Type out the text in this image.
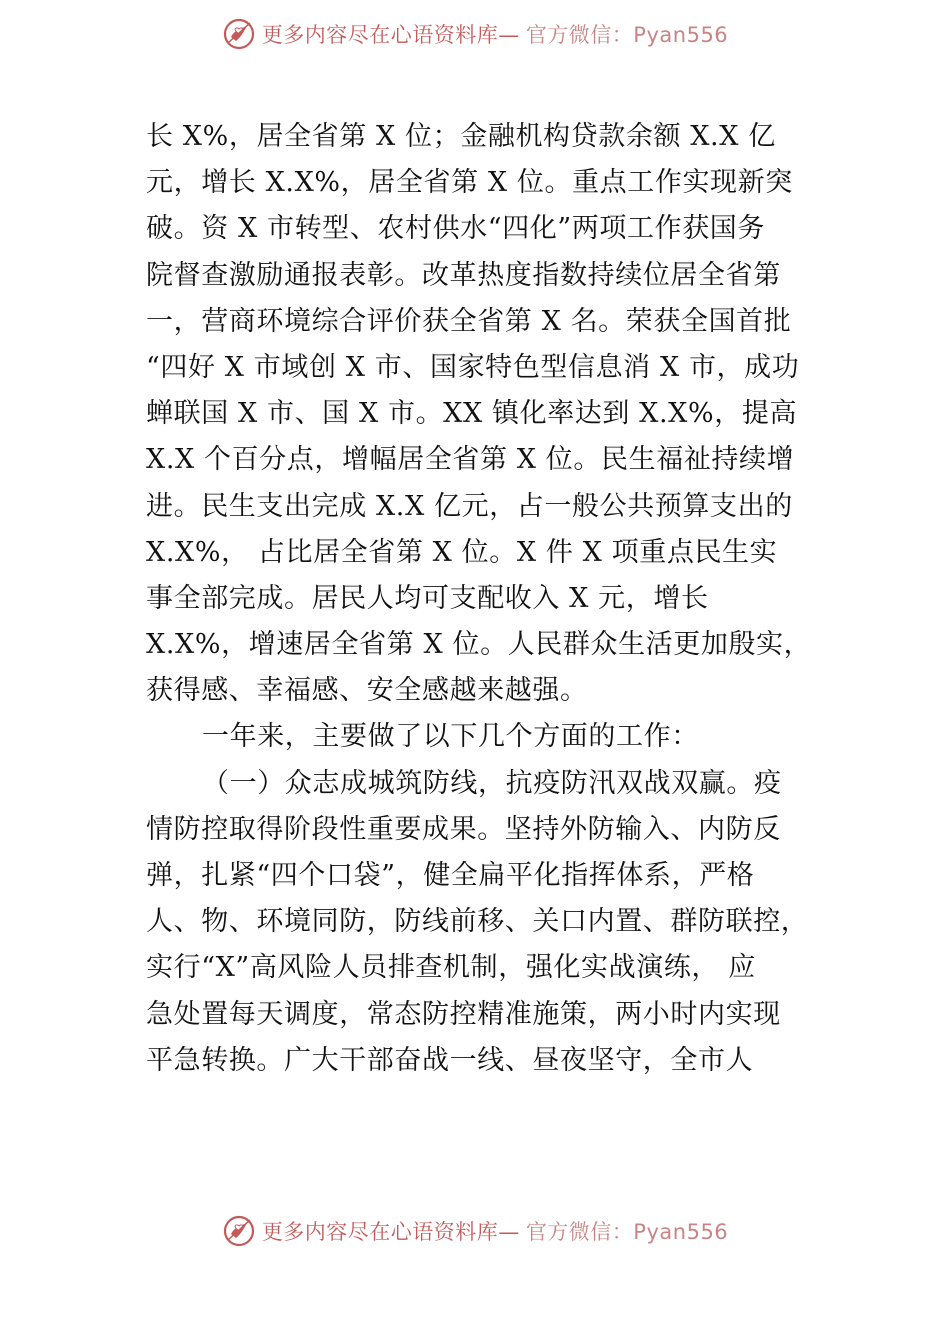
更多内容尽在心语资料库— 官方微信：Pyan556
长 X%，居全省第 X 位；金融机构贷款余额 X.X 亿
元，增长 X.X%，居全省第 X 位。重点工作实现新突
破。资 X 市转型、农村供水“四化”两项工作获国务
院督查激励通报表彰。改革热度指数持续位居全省第
一，营商环境综合评价获全省第 X 名。荣获全国首批
“四好 X 市域创 X 市、国家特色型信息消 X 市，成功
蝉联国 X 市、国 X 市。XX 镇化率达到 X.X%，提高
X.X 个百分点，增幅居全省第 X 位。民生福祉持续增
进。民生支出完成 X.X 亿元，占一般公共预算支出的
X.X%， 占比居全省第 X 位。X 件 X 项重点民生实
事全部完成。居民人均可支配收入 X 元，增长
X.X%，增速居全省第 X 位。人民群众生活更加殷实，
获得感、幸福感、安全感越来越强。
一年来，主要做了以下几个方面的工作：
（一）众志成城筑防线，抗疫防汛双战双赢。疫
情防控取得阶段性重要成果。坚持外防输入、内防反
弹，扎紧“四个口袋”，健全扁平化指挥体系，严格
人、物、环境同防，防线前移、关口内置、群防联控，
实行“X”高风险人员排查机制，强化实战演练， 应
急处置每天调度，常态防控精准施策，两小时内实现
平急转换。广大干部奋战一线、昼夜坚守，全市人
更多内容尽在心语资料库— 官方微信：Pyan556
